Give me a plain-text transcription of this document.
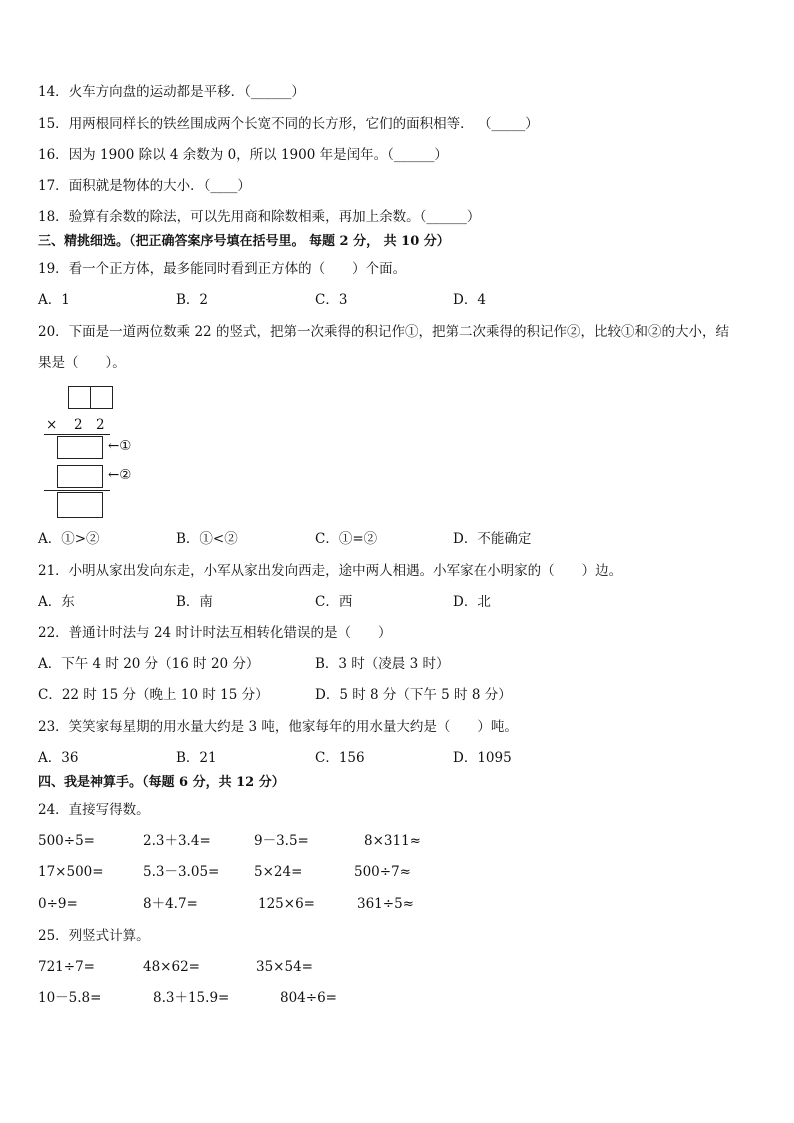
14．火车方向盘的运动都是平移．（______）
15．用两根同样长的铁丝围成两个长宽不同的长方形，它们的面积相等． （_____）
16．因为 1900 除以 4 余数为 0，所以 1900 年是闰年。（______）
17．面积就是物体的大小．（____）
18．验算有余数的除法，可以先用商和除数相乘，再加上余数。（______）
三、精挑细选。（把正确答案序号填在括号里。 每题 2 分， 共 10 分）
19．看一个正方体，最多能同时看到正方体的（　　）个面。
A．1	B．2	C．3	D．4
20．下面是一道两位数乘 22 的竖式，把第一次乘得的积记作①，把第二次乘得的积记作②，比较①和②的大小，结
果是（　　）。
× 2 2
←①
←②
A．①>②	B．①<②	C．①=②	D．不能确定
21．小明从家出发向东走，小军从家出发向西走，途中两人相遇。小军家在小明家的（　　）边。
A．东	B．南	C．西	D．北
22．普通计时法与 24 时计时法互相转化错误的是（　　）
A．下午 4 时 20 分（16 时 20 分）	B．3 时（凌晨 3 时）
C．22 时 15 分（晚上 10 时 15 分）	D．5 时 8 分（下午 5 时 8 分）
23．笑笑家每星期的用水量大约是 3 吨，他家每年的用水量大约是（　　）吨。
A．36	B．21	C．156	D．1095
四、我是神算手。（每题 6 分，共 12 分）
24．直接写得数。
500÷5=	2.3＋3.4=	9－3.5=	8×311≈
17×500=	5.3－3.05=	5×24=	500÷7≈
0÷9=	8＋4.7=	125×6=	361÷5≈
25．列竖式计算。
721÷7=	48×62=	35×54=
10－5.8=	8.3＋15.9=	804÷6=
